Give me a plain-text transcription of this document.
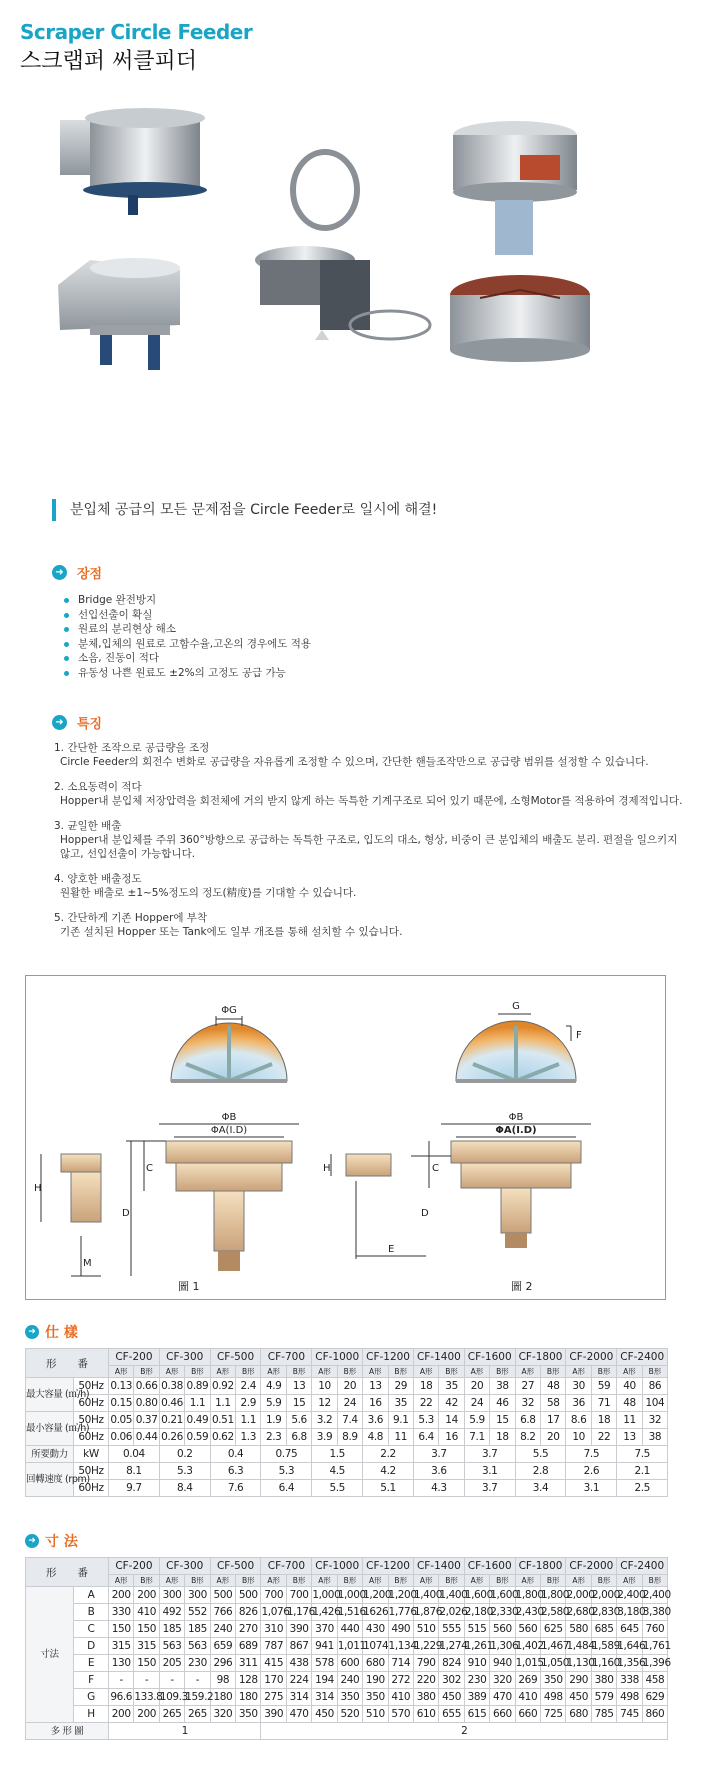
Scraper Circle Feeder
스크랩퍼 써클피더
분입체 공급의 모든 문제점을 Circle Feeder로 일시에 해결!
➜ 장점
Bridge 완전방지
선입선출이 확실
원료의 분리현상 해소
분체,입체의 원료로 고함수율,고온의 경우에도 적용
소음, 진동이 적다
유동성 나쁜 원료도 ±2%의 고정도 공급 가능
➜ 특징
1. 간단한 조작으로 공급량을 조정
Circle Feeder의 회전수 변화로 공급량을 자유롭게 조정할 수 있으며, 간단한 핸들조작만으로 공급량 범위를 설정할 수 있습니다.
2. 소요동력이 적다
Hopper내 분입체 저장압력을 회전체에 거의 받지 않게 하는 독특한 기계구조로 되어 있기 때문에, 소형Motor를 적용하여 경제적입니다.
3. 균일한 배출
Hopper내 분입체를 주위 360°방향으로 공급하는 독특한 구조로, 입도의 대소, 형상, 비중이 큰 분입체의 배출도 분리. 편절을 일으키지
않고, 선입선출이 가능합니다.
4. 양호한 배출정도
원활한 배출로 ±1~5%정도의 정도(精度)를 기대할 수 있습니다.
5. 간단하게 기존 Hopper에 부착
기존 설치된 Hopper 또는 Tank에도 일부 개조를 통해 설치할 수 있습니다.
ΦG
ΦB
ΦA(I.D)
H
C
D
M
圖 1
G
F
ΦB
ΦA(I.D)
H	C
D
E
圖 2
➜ 仕 樣
形　　番		CF-200		CF-300		CF-500		CF-700		CF-1000		CF-1200		CF-1400		CF-1600		CF-1800		CF-2000		CF-2400	
		A形	B形	A形	B形	A形	B形	A形	B形	A形	B形	A形	B形	A形	B形	A形	B形	A形	B形	A形	B形	A形	B形
最大容量 (㎥/h)	50Hz	0.13	0.66	0.38	0.89	0.92	2.4	4.9	13	10	20	13	29	18	35	20	38	27	48	30	59	40	86
	60Hz	0.15	0.80	0.46	1.1	1.1	2.9	5.9	15	12	24	16	35	22	42	24	46	32	58	36	71	48	104
最小容量 (㎥/h)	50Hz	0.05	0.37	0.21	0.49	0.51	1.1	1.9	5.6	3.2	7.4	3.6	9.1	5.3	14	5.9	15	6.8	17	8.6	18	11	32
	60Hz	0.06	0.44	0.26	0.59	0.62	1.3	2.3	6.8	3.9	8.9	4.8	11	6.4	16	7.1	18	8.2	20	10	22	13	38
所要動力	kW	0.04		0.2		0.4		0.75		1.5		2.2		3.7		3.7		5.5		7.5		7.5	
回轉速度 (rpm)	50Hz	8.1		5.3		6.3		5.3		4.5		4.2		3.6		3.1		2.8		2.6		2.1	
	60Hz	9.7		8.4		7.6		6.4		5.5		5.1		4.3		3.7		3.4		3.1		2.5	
➜ 寸 法
形　　番		CF-200		CF-300		CF-500		CF-700		CF-1000		CF-1200		CF-1400		CF-1600		CF-1800		CF-2000		CF-2400	
		A形	B形	A形	B形	A形	B形	A形	B形	A形	B形	A形	B形	A形	B形	A形	B形	A形	B形	A形	B形	A形	B形
寸法	A	200	200	300	300	500	500	700	700	1,000	1,000	1,200	1,200	1,400	1,400	1,600	1,600	1,800	1,800	2,000	2,000	2,400	2,400
	B	330	410	492	552	766	826	1,076	1,176	1,426	1,516	1626	1,776	1,876	2,026	2,180	2,330	2,430	2,580	2,680	2,830	3,180	3,380
	C	150	150	185	185	240	270	310	390	370	440	430	490	510	555	515	560	560	625	580	685	645	760
	D	315	315	563	563	659	689	787	867	941	1,011	1074	1,134	1,229	1,274	1,261	1,306	1,402	1,467	1,484	1,589	1,646	1,761
	E	130	150	205	230	296	311	415	438	578	600	680	714	790	824	910	940	1,015	1,050	1,130	1,160	1,356	1,396
	F	-	-	-	-	98	128	170	224	194	240	190	272	220	302	230	320	269	350	290	380	338	458
	G	96.6	133.8	109.3	159.2	180	180	275	314	314	350	350	410	380	450	389	470	410	498	450	579	498	629
	H	200	200	265	265	320	350	390	470	450	520	510	570	610	655	615	660	660	725	680	785	745	860
多 形 圖		1						2															
